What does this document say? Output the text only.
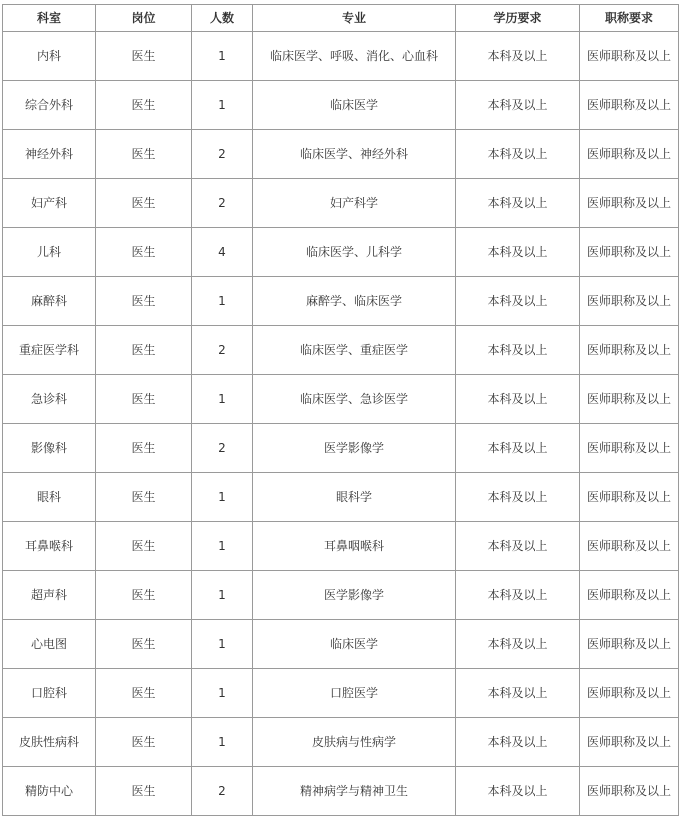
科室	岗位	人数	专业	学历要求	职称要求
内科	医生	1	临床医学、呼吸、消化、心血科	本科及以上	医师职称及以上
综合外科	医生	1	临床医学	本科及以上	医师职称及以上
神经外科	医生	2	临床医学、神经外科	本科及以上	医师职称及以上
妇产科	医生	2	妇产科学	本科及以上	医师职称及以上
儿科	医生	4	临床医学、儿科学	本科及以上	医师职称及以上
麻醉科	医生	1	麻醉学、临床医学	本科及以上	医师职称及以上
重症医学科	医生	2	临床医学、重症医学	本科及以上	医师职称及以上
急诊科	医生	1	临床医学、急诊医学	本科及以上	医师职称及以上
影像科	医生	2	医学影像学	本科及以上	医师职称及以上
眼科	医生	1	眼科学	本科及以上	医师职称及以上
耳鼻喉科	医生	1	耳鼻咽喉科	本科及以上	医师职称及以上
超声科	医生	1	医学影像学	本科及以上	医师职称及以上
心电图	医生	1	临床医学	本科及以上	医师职称及以上
口腔科	医生	1	口腔医学	本科及以上	医师职称及以上
皮肤性病科	医生	1	皮肤病与性病学	本科及以上	医师职称及以上
精防中心	医生	2	精神病学与精神卫生	本科及以上	医师职称及以上
